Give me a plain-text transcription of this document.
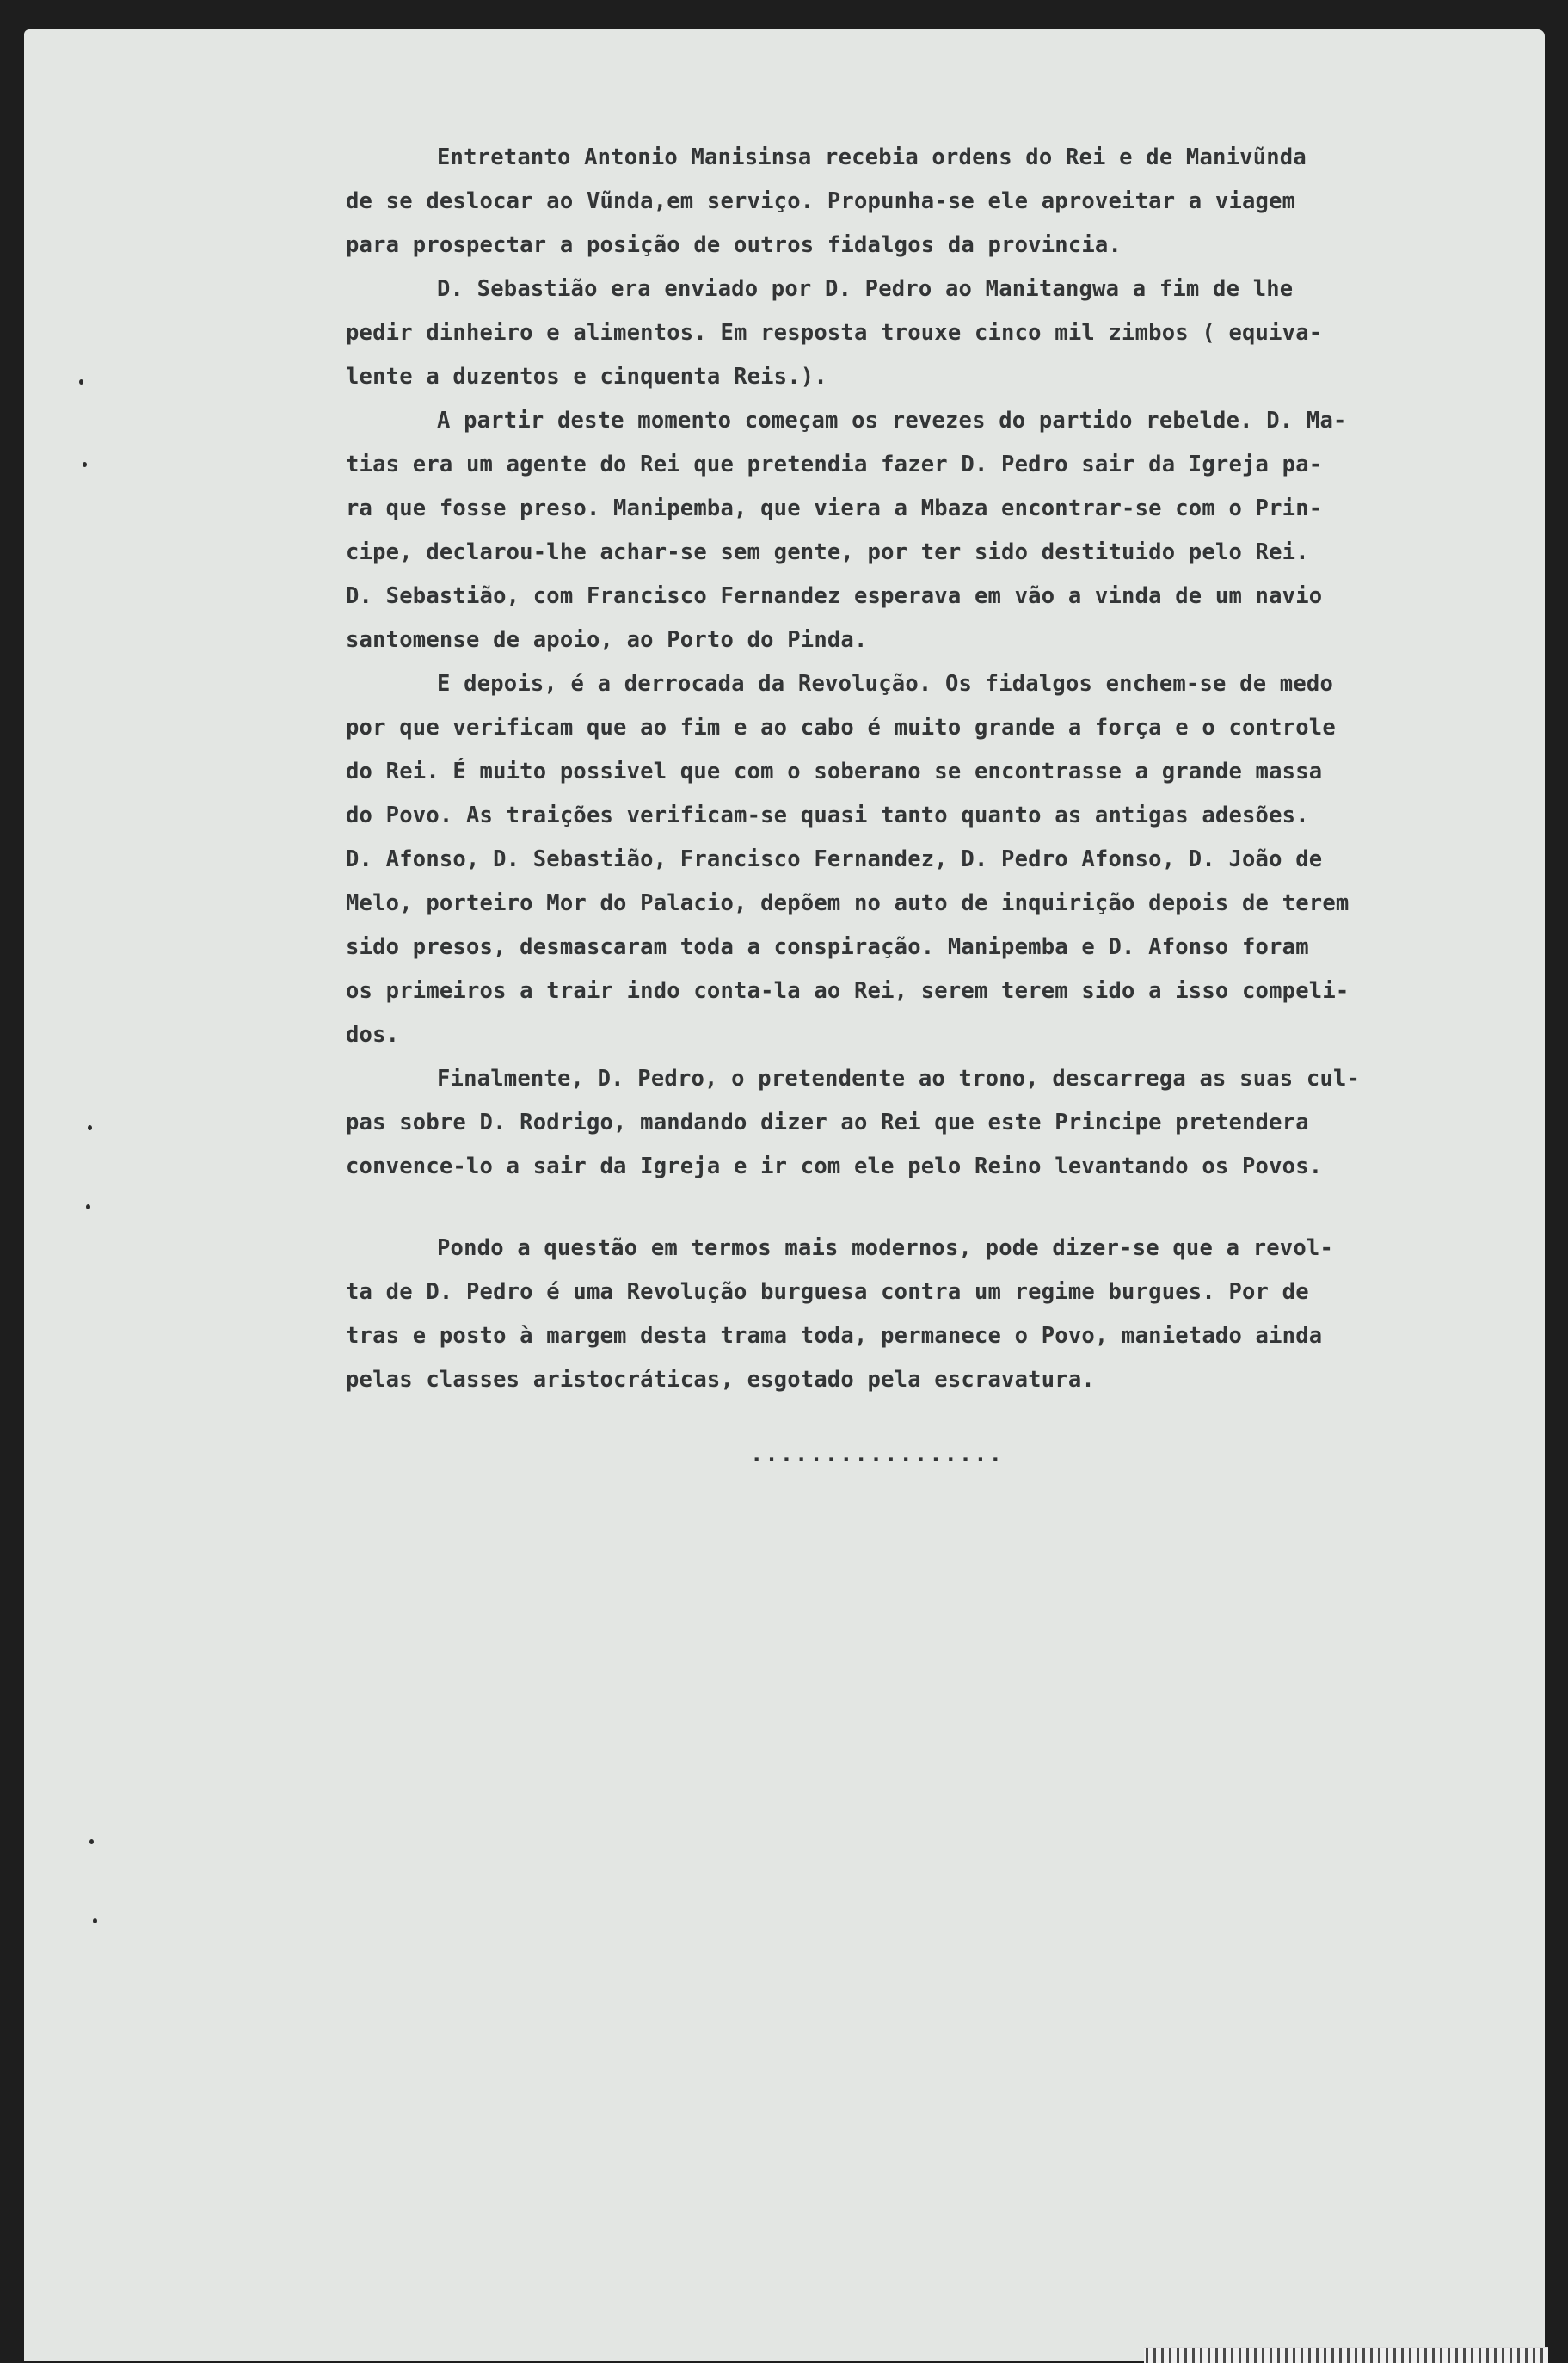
Entretanto Antonio Manisinsa recebia ordens do Rei e de Manivũnda
de se deslocar ao Vũnda,em serviço. Propunha-se ele aproveitar a viagem
para prospectar a posição de outros fidalgos da provincia.
D. Sebastião era enviado por D. Pedro ao Manitangwa a fim de lhe
pedir dinheiro e alimentos. Em resposta trouxe cinco mil zimbos ( equiva-
lente a duzentos e cinquenta Reis.).
A partir deste momento começam os revezes do partido rebelde. D. Ma-
tias era um agente do Rei que pretendia fazer D. Pedro sair da Igreja pa-
ra que fosse preso. Manipemba, que viera a Mbaza encontrar-se com o Prin-
cipe, declarou-lhe achar-se sem gente, por ter sido destituido pelo Rei.
D. Sebastião, com Francisco Fernandez esperava em vão a vinda de um navio
santomense de apoio, ao Porto do Pinda.
E depois, é a derrocada da Revolução. Os fidalgos enchem-se de medo
por que verificam que ao fim e ao cabo é muito grande a força e o controle
do Rei. É muito possivel que com o soberano se encontrasse a grande massa
do Povo. As traições verificam-se quasi tanto quanto as antigas adesões.
D. Afonso, D. Sebastião, Francisco Fernandez, D. Pedro Afonso, D. João de
Melo, porteiro Mor do Palacio, depõem no auto de inquirição depois de terem
sido presos, desmascaram toda a conspiração. Manipemba e D. Afonso foram
os primeiros a trair indo conta-la ao Rei, serem terem sido a isso compeli-
dos.
Finalmente, D. Pedro, o pretendente ao trono, descarrega as suas cul-
pas sobre D. Rodrigo, mandando dizer ao Rei que este Principe pretendera
convence-lo a sair da Igreja e ir com ele pelo Reino levantando os Povos.
Pondo a questão em termos mais modernos, pode dizer-se que a revol-
ta de D. Pedro é uma Revolução burguesa contra um regime burgues. Por de
tras e posto à margem desta trama toda, permanece o Povo, manietado ainda
pelas classes aristocráticas, esgotado pela escravatura.
.................
